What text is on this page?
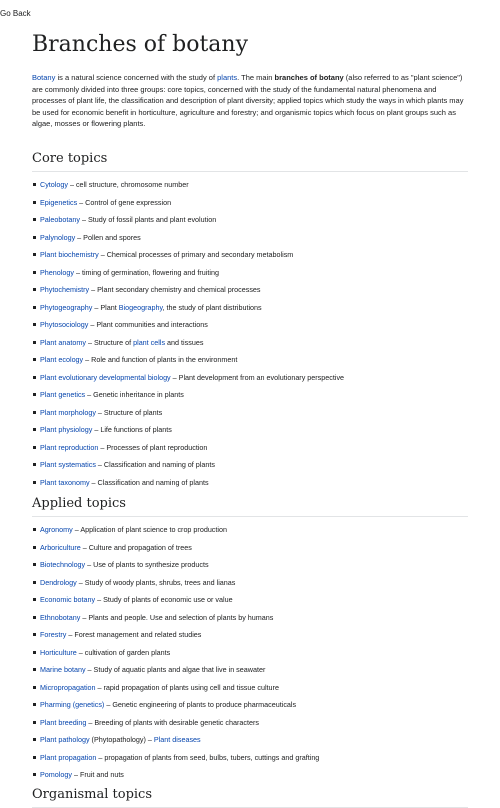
Go Back
Branches of botany

Botany is a natural science concerned with the study of plants. The main branches of botany (also referred to as "plant science") are commonly divided into three groups: core topics, concerned with the study of the fundamental natural phenomena and processes of plant life, the classification and description of plant diversity; applied topics which study the ways in which plants may be used for economic benefit in horticulture, agriculture and forestry; and organismic topics which focus on plant groups such as algae, mosses or flowering plants.

Core topics
Cytology – cell structure, chromosome number
Epigenetics – Control of gene expression
Paleobotany – Study of fossil plants and plant evolution
Palynology – Pollen and spores
Plant biochemistry – Chemical processes of primary and secondary metabolism
Phenology – timing of germination, flowering and fruiting
Phytochemistry – Plant secondary chemistry and chemical processes
Phytogeography – Plant Biogeography, the study of plant distributions
Phytosociology – Plant communities and interactions
Plant anatomy – Structure of plant cells and tissues
Plant ecology – Role and function of plants in the environment
Plant evolutionary developmental biology – Plant development from an evolutionary perspective
Plant genetics – Genetic inheritance in plants
Plant morphology – Structure of plants
Plant physiology – Life functions of plants
Plant reproduction – Processes of plant reproduction
Plant systematics – Classification and naming of plants
Plant taxonomy – Classification and naming of plants
Applied topics
Agronomy – Application of plant science to crop production
Arboriculture – Culture and propagation of trees
Biotechnology – Use of plants to synthesize products
Dendrology – Study of woody plants, shrubs, trees and lianas
Economic botany – Study of plants of economic use or value
Ethnobotany – Plants and people. Use and selection of plants by humans
Forestry – Forest management and related studies
Horticulture – cultivation of garden plants
Marine botany – Study of aquatic plants and algae that live in seawater
Micropropagation – rapid propagation of plants using cell and tissue culture
Pharming (genetics) – Genetic engineering of plants to produce pharmaceuticals
Plant breeding – Breeding of plants with desirable genetic characters
Plant pathology (Phytopathology) – Plant diseases
Plant propagation – propagation of plants from seed, bulbs, tubers, cuttings and grafting
Pomology – Fruit and nuts
Organismal topics
